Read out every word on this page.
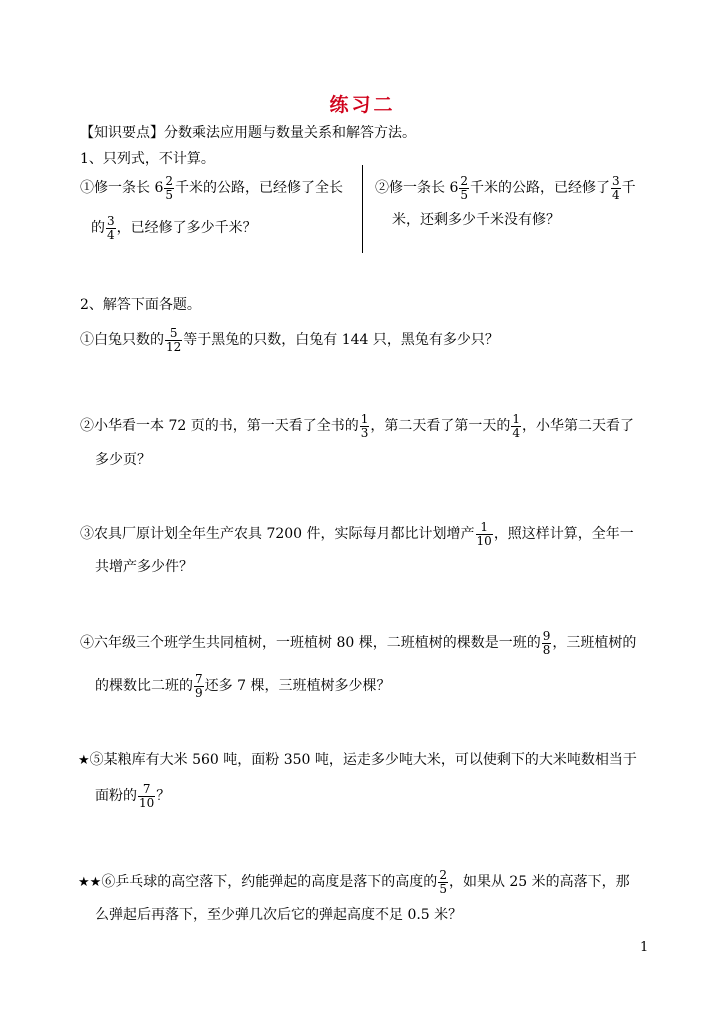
练习二
【知识要点】分数乘法应用题与数量关系和解答方法。
1、只列式，不计算。
①修一条长 $6 \frac{2}{5}$ 千米的公路，已经修了全长
的 $\frac{3}{4}$ ，已经修了多少千米？
②修一条长 $6 \frac{2}{5}$ 千米的公路，已经修了 $\frac{3}{4}$ 千
米，还剩多少千米没有修？
2、解答下面各题。
①白兔只数的 $\frac{5}{12}$ 等于黑兔的只数，白兔有 144 只，黑兔有多少只？
②小华看一本 72 页的书，第一天看了全书的 $\frac{1}{3}$ ，第二天看了第一天的 $\frac{1}{4}$ ，小华第二天看了
多少页？
③农具厂原计划全年生产农具 7200 件，实际每月都比计划增产 $\frac{1}{10}$ ，照这样计算，全年一
共增产多少件？
④六年级三个班学生共同植树，一班植树 80 棵，二班植树的棵数是一班的 $\frac{9}{8}$ ，三班植树的
的棵数比二班的 $\frac{7}{9}$ 还多 7 棵，三班植树多少棵？
★⑤某粮库有大米 560 吨，面粉 350 吨，运走多少吨大米，可以使剩下的大米吨数相当于
面粉的 $\frac{7}{10}$ ？
★★⑥乒乓球的高空落下，约能弹起的高度是落下的高度的 $\frac{2}{5}$ ，如果从 25 米的高落下，那
么弹起后再落下，至少弹几次后它的弹起高度不足 0.5 米？
1
